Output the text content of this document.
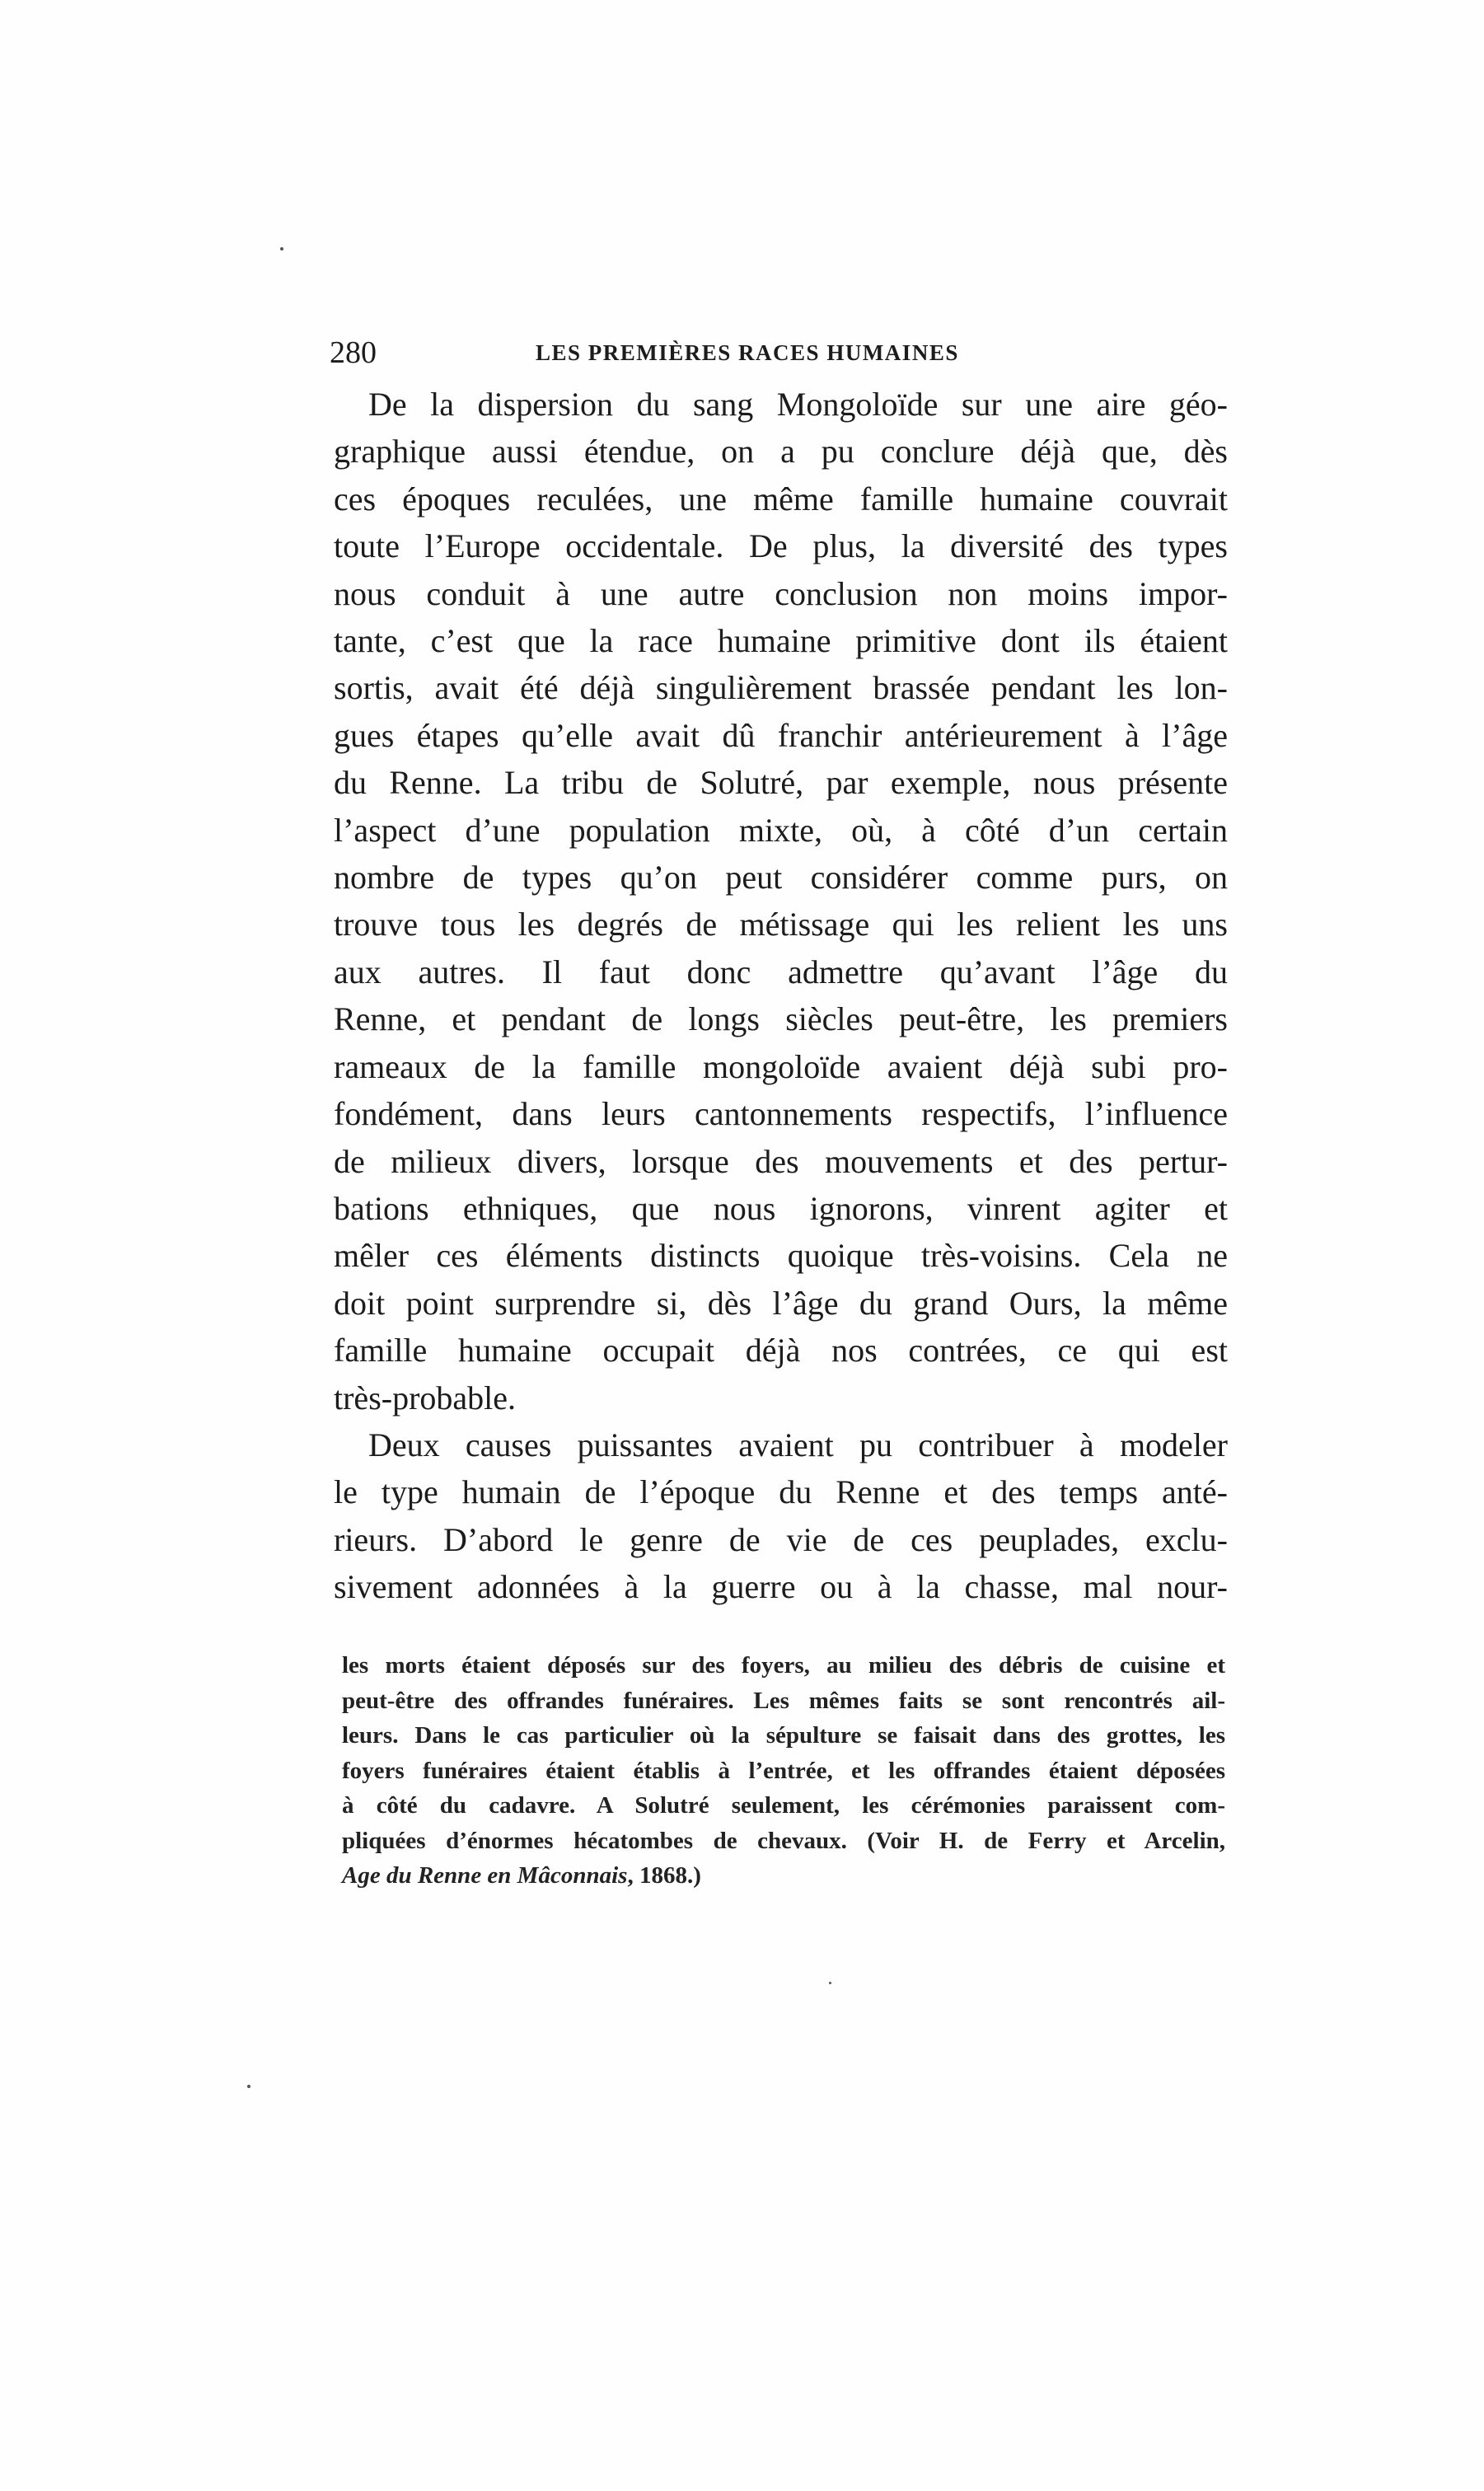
280	LES PREMIÈRES RACES HUMAINES

De la dispersion du sang Mongoloïde sur une aire géo-
graphique aussi étendue, on a pu conclure déjà que, dès
ces époques reculées, une même famille humaine couvrait
toute l’Europe occidentale. De plus, la diversité des types
nous conduit à une autre conclusion non moins impor-
tante, c’est que la race humaine primitive dont ils étaient
sortis, avait été déjà singulièrement brassée pendant les lon-
gues étapes qu’elle avait dû franchir antérieurement à l’âge
du Renne. La tribu de Solutré, par exemple, nous présente
l’aspect d’une population mixte, où, à côté d’un certain
nombre de types qu’on peut considérer comme purs, on
trouve tous les degrés de métissage qui les relient les uns
aux autres. Il faut donc admettre qu’avant l’âge du
Renne, et pendant de longs siècles peut-être, les premiers
rameaux de la famille mongoloïde avaient déjà subi pro-
fondément, dans leurs cantonnements respectifs, l’influence
de milieux divers, lorsque des mouvements et des pertur-
bations ethniques, que nous ignorons, vinrent agiter et
mêler ces éléments distincts quoique très-voisins. Cela ne
doit point surprendre si, dès l’âge du grand Ours, la même
famille humaine occupait déjà nos contrées, ce qui est
très-probable.

Deux causes puissantes avaient pu contribuer à modeler
le type humain de l’époque du Renne et des temps anté-
rieurs. D’abord le genre de vie de ces peuplades, exclu-
sivement adonnées à la guerre ou à la chasse, mal nour-

les morts étaient déposés sur des foyers, au milieu des débris de cuisine et
peut-être des offrandes funéraires. Les mêmes faits se sont rencontrés ail-
leurs. Dans le cas particulier où la sépulture se faisait dans des grottes, les
foyers funéraires étaient établis à l’entrée, et les offrandes étaient déposées
à côté du cadavre. A Solutré seulement, les cérémonies paraissent com-
pliquées d’énormes hécatombes de chevaux. (Voir H. de Ferry et Arcelin,
Age du Renne en Mâconnais, 1868.)
